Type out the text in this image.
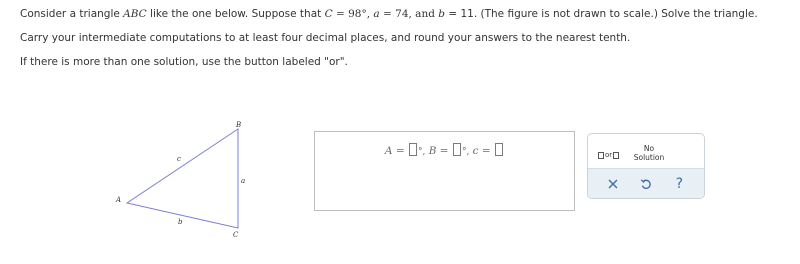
Consider a triangle ABC like the one below. Suppose that C = 98°, a = 74, and b = 11. (The figure is not drawn to scale.) Solve the triangle.

Carry your intermediate computations to at least four decimal places, and round your answers to the nearest tenth.

If there is more than one solution, use the button labeled "or".

A
B
C
a
b
c
A = °, B = °, c =	or
No
Solution
?
